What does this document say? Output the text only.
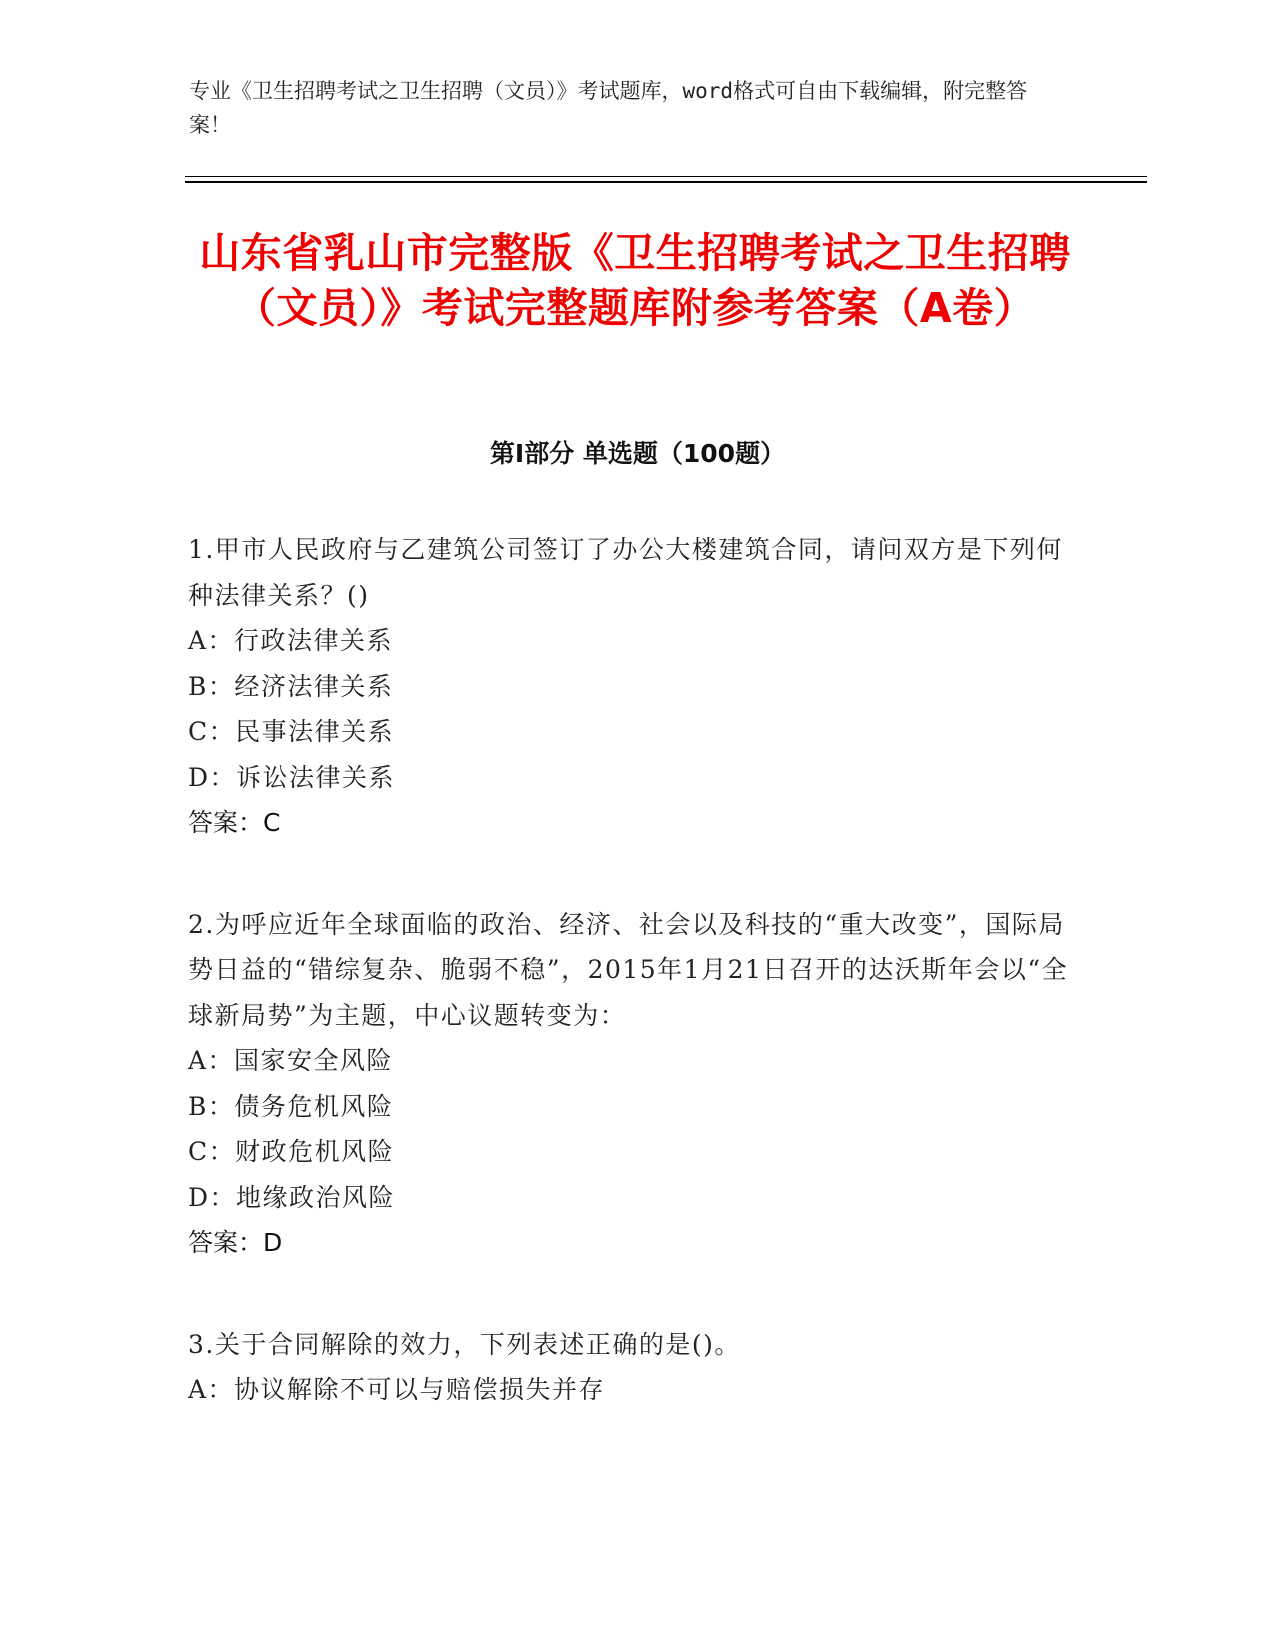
专业《卫生招聘考试之卫生招聘（文员）》考试题库，word格式可自由下载编辑，附完整答案！

山东省乳山市完整版《卫生招聘考试之卫生招聘（文员）》考试完整题库附参考答案（A卷）
第Ⅰ部分 单选题（100题）

1.甲市人民政府与乙建筑公司签订了办公大楼建筑合同，请问双方是下列何种法律关系？()

A：行政法律关系
B：经济法律关系
C：民事法律关系
D：诉讼法律关系

答案：C

2.为呼应近年全球面临的政治、经济、社会以及科技的“重大改变”，国际局势日益的“错综复杂、脆弱不稳”，2015年1月21日召开的达沃斯年会以“全球新局势”为主题，中心议题转变为：

A：国家安全风险
B：债务危机风险
C：财政危机风险
D：地缘政治风险

答案：D

3.关于合同解除的效力，下列表述正确的是()。

A：协议解除不可以与赔偿损失并存
